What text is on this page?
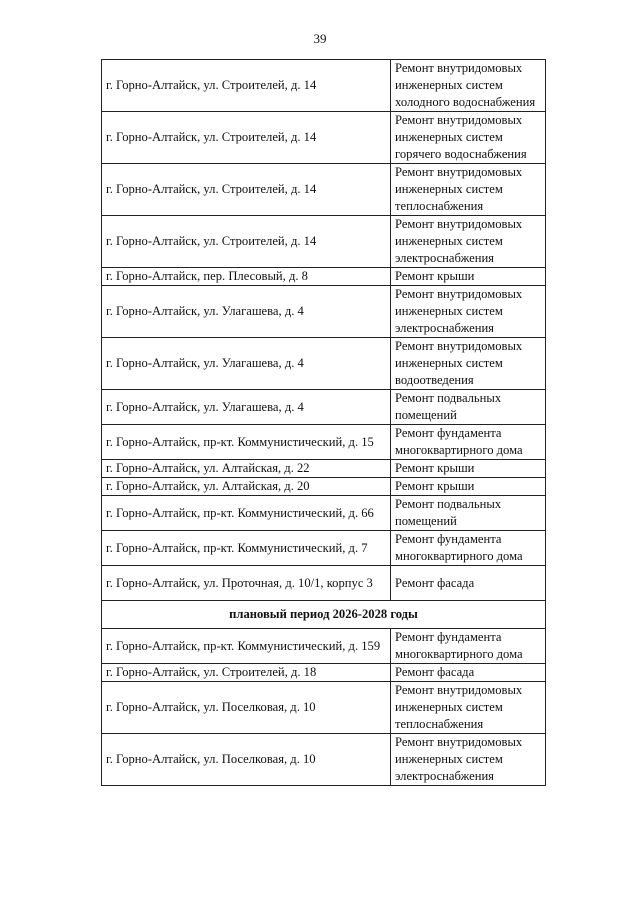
39
г. Горно-Алтайск, ул. Строителей, д. 14	Ремонт внутридомовых инженерных систем холодного водоснабжения
г. Горно-Алтайск, ул. Строителей, д. 14	Ремонт внутридомовых инженерных систем горячего водоснабжения
г. Горно-Алтайск, ул. Строителей, д. 14	Ремонт внутридомовых инженерных систем теплоснабжения
г. Горно-Алтайск, ул. Строителей, д. 14	Ремонт внутридомовых инженерных систем электроснабжения
г. Горно-Алтайск, пер. Плесовый, д. 8	Ремонт крыши
г. Горно-Алтайск, ул. Улагашева, д. 4	Ремонт внутридомовых инженерных систем электроснабжения
г. Горно-Алтайск, ул. Улагашева, д. 4	Ремонт внутридомовых инженерных систем водоотведения
г. Горно-Алтайск, ул. Улагашева, д. 4	Ремонт подвальных помещений
г. Горно-Алтайск, пр-кт. Коммунистический, д. 15	Ремонт фундамента многоквартирного дома
г. Горно-Алтайск, ул. Алтайская, д. 22	Ремонт крыши
г. Горно-Алтайск, ул. Алтайская, д. 20	Ремонт крыши
г. Горно-Алтайск, пр-кт. Коммунистический, д. 66	Ремонт подвальных помещений
г. Горно-Алтайск, пр-кт. Коммунистический, д. 7	Ремонт фундамента многоквартирного дома
г. Горно-Алтайск, ул. Проточная, д. 10/1, корпус 3	Ремонт фасада
плановый период 2026-2028 годы	
г. Горно-Алтайск, пр-кт. Коммунистический, д. 159	Ремонт фундамента многоквартирного дома
г. Горно-Алтайск, ул. Строителей, д. 18	Ремонт фасада
г. Горно-Алтайск, ул. Поселковая, д. 10	Ремонт внутридомовых инженерных систем теплоснабжения
г. Горно-Алтайск, ул. Поселковая, д. 10	Ремонт внутридомовых инженерных систем электроснабжения
